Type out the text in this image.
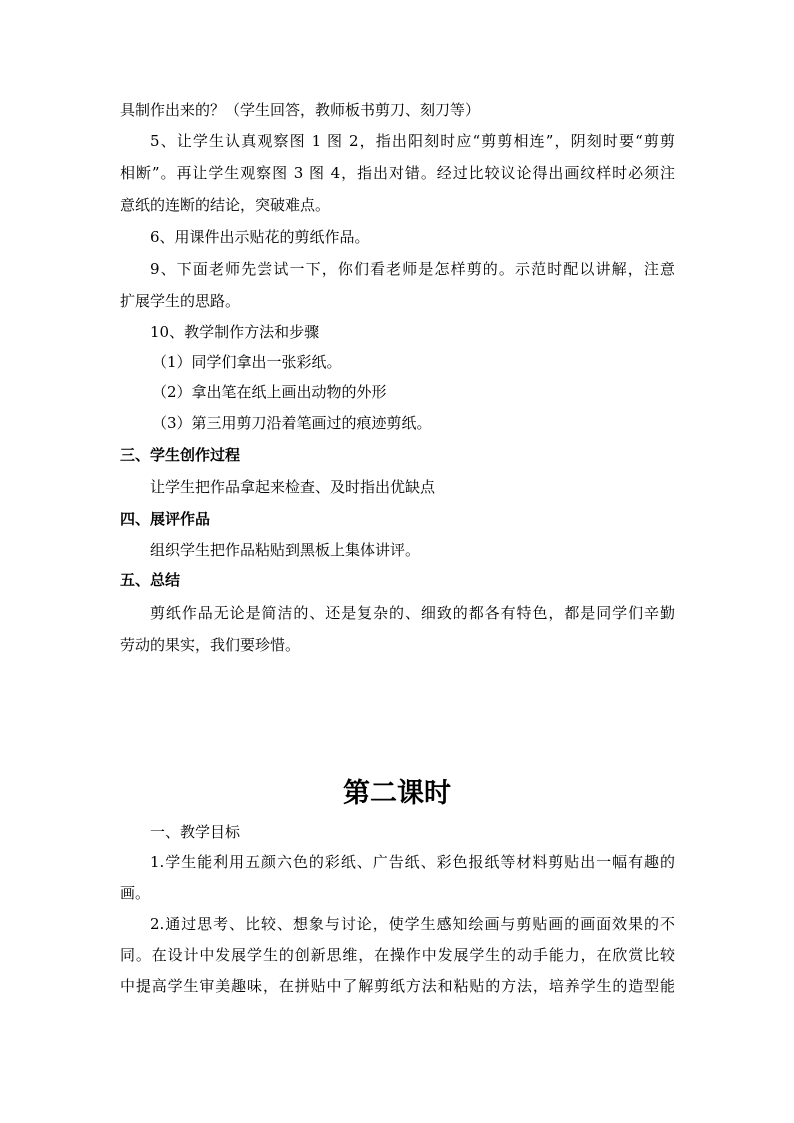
具制作出来的？（学生回答，教师板书剪刀、刻刀等）

5、让学生认真观察图 1 图 2，指出阳刻时应“剪剪相连”，阴刻时要“剪剪

相断”。再让学生观察图 3 图 4，指出对错。经过比较议论得出画纹样时必须注

意纸的连断的结论，突破难点。

6、用课件出示贴花的剪纸作品。

9、下面老师先尝试一下，你们看老师是怎样剪的。示范时配以讲解，注意

扩展学生的思路。

10、教学制作方法和步骤

（1）同学们拿出一张彩纸。

（2）拿出笔在纸上画出动物的外形

（3）第三用剪刀沿着笔画过的痕迹剪纸。

三、学生创作过程

让学生把作品拿起来检查、及时指出优缺点

四、展评作品

组织学生把作品粘贴到黑板上集体讲评。

五、总结

剪纸作品无论是简洁的、还是复杂的、细致的都各有特色，都是同学们辛勤

劳动的果实，我们要珍惜。

第二课时

一、教学目标

1.学生能利用五颜六色的彩纸、广告纸、彩色报纸等材料剪贴出一幅有趣的

画。

2.通过思考、比较、想象与讨论，使学生感知绘画与剪贴画的画面效果的不

同。在设计中发展学生的创新思维，在操作中发展学生的动手能力，在欣赏比较

中提高学生审美趣味，在拼贴中了解剪纸方法和粘贴的方法，培养学生的造型能
